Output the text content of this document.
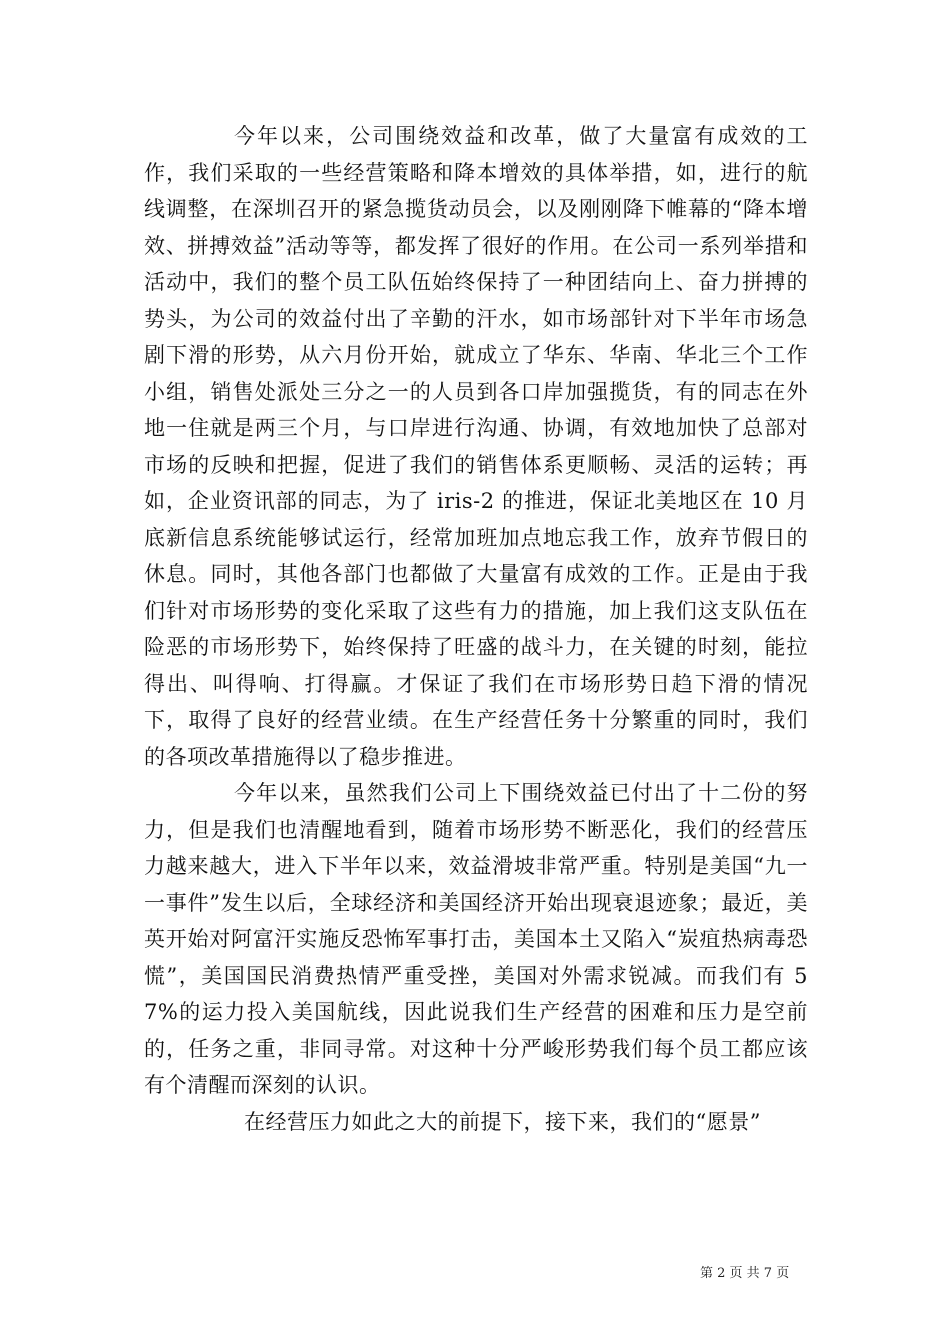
今年以来，公司围绕效益和改革，做了大量富有成效的工作，我们采取的一些经营策略和降本增效的具体举措，如，进行的航线调整，在深圳召开的紧急揽货动员会，以及刚刚降下帷幕的“降本增效、拼搏效益”活动等等，都发挥了很好的作用。在公司一系列举措和活动中，我们的整个员工队伍始终保持了一种团结向上、奋力拼搏的势头，为公司的效益付出了辛勤的汗水，如市场部针对下半年市场急剧下滑的形势，从六月份开始，就成立了华东、华南、华北三个工作小组，销售处派处三分之一的人员到各口岸加强揽货，有的同志在外地一住就是两三个月，与口岸进行沟通、协调，有效地加快了总部对市场的反映和把握，促进了我们的销售体系更顺畅、灵活的运转；再如，企业资讯部的同志，为了 iris-2 的推进，保证北美地区在 10 月底新信息系统能够试运行，经常加班加点地忘我工作，放弃节假日的休息。同时，其他各部门也都做了大量富有成效的工作。正是由于我们针对市场形势的变化采取了这些有力的措施，加上我们这支队伍在险恶的市场形势下，始终保持了旺盛的战斗力，在关键的时刻，能拉得出、叫得响、打得赢。才保证了我们在市场形势日趋下滑的情况下，取得了良好的经营业绩。在生产经营任务十分繁重的同时，我们的各项改革措施得以了稳步推进。

今年以来，虽然我们公司上下围绕效益已付出了十二份的努力，但是我们也清醒地看到，随着市场形势不断恶化，我们的经营压力越来越大，进入下半年以来，效益滑坡非常严重。特别是美国“九一一事件”发生以后，全球经济和美国经济开始出现衰退迹象；最近，美英开始对阿富汗实施反恐怖军事打击，美国本土又陷入“炭疽热病毒恐慌”，美国国民消费热情严重受挫，美国对外需求锐减。而我们有 57%的运力投入美国航线，因此说我们生产经营的困难和压力是空前的，任务之重，非同寻常。对这种十分严峻形势我们每个员工都应该有个清醒而深刻的认识。

在经营压力如此之大的前提下，接下来，我们的“愿景”

第 2 页 共 7 页
